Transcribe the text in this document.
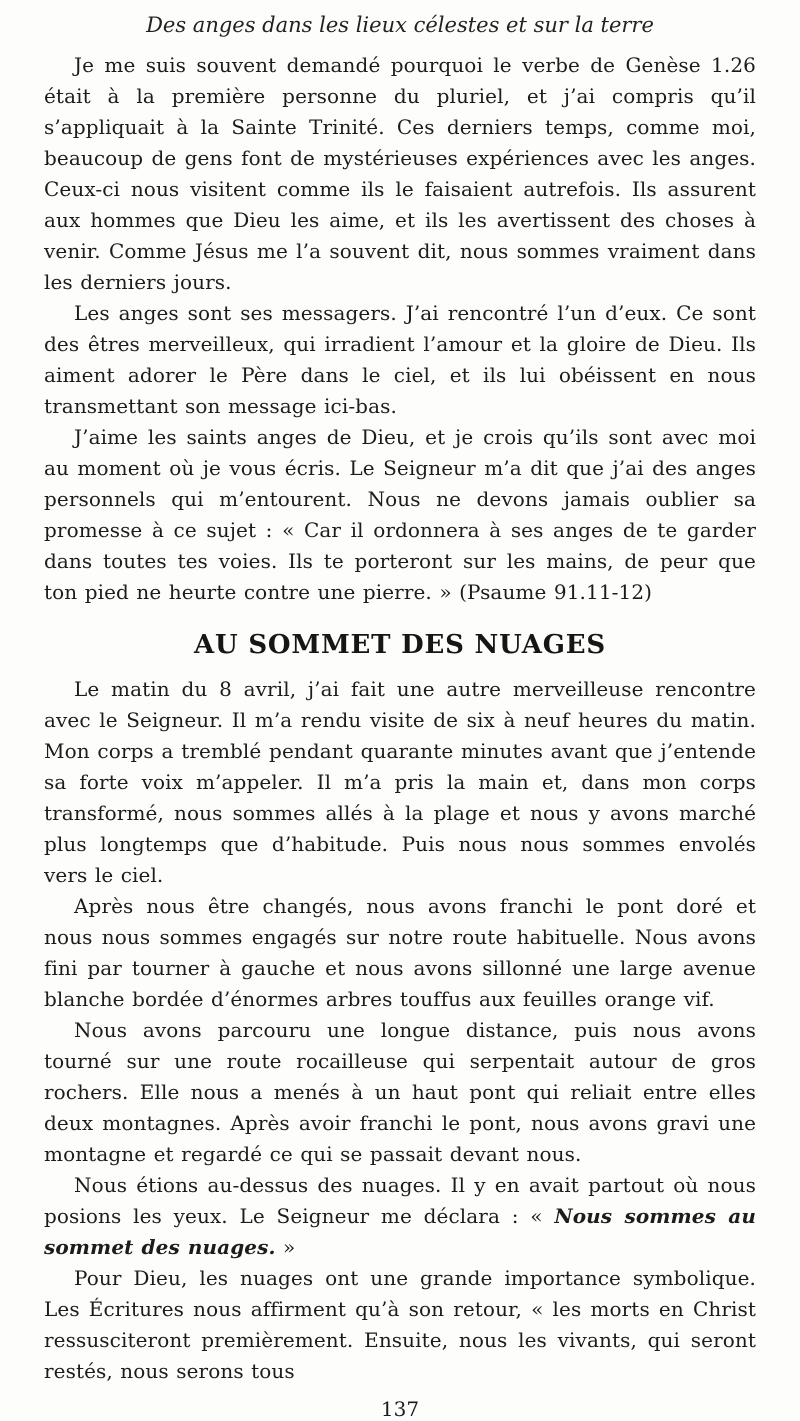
Des anges dans les lieux célestes et sur la terre

Je me suis souvent demandé pourquoi le verbe de Genèse 1.26 était à la première personne du pluriel, et j’ai compris qu’il s’appliquait à la Sainte Trinité. Ces derniers temps, comme moi, beaucoup de gens font de mystérieuses expériences avec les anges. Ceux-ci nous visitent comme ils le faisaient autrefois. Ils assurent aux hommes que Dieu les aime, et ils les avertissent des choses à venir. Comme Jésus me l’a souvent dit, nous sommes vraiment dans les derniers jours.

Les anges sont ses messagers. J’ai rencontré l’un d’eux. Ce sont des êtres merveilleux, qui irradient l’amour et la gloire de Dieu. Ils aiment adorer le Père dans le ciel, et ils lui obéissent en nous transmettant son message ici-bas.

J’aime les saints anges de Dieu, et je crois qu’ils sont avec moi au moment où je vous écris. Le Seigneur m’a dit que j’ai des anges personnels qui m’entourent. Nous ne devons jamais oublier sa promesse à ce sujet : « Car il ordonnera à ses anges de te garder dans toutes tes voies. Ils te porteront sur les mains, de peur que ton pied ne heurte contre une pierre. » (Psaume 91.11-12)

AU SOMMET DES NUAGES

Le matin du 8 avril, j’ai fait une autre merveilleuse rencontre avec le Seigneur. Il m’a rendu visite de six à neuf heures du matin. Mon corps a tremblé pendant quarante minutes avant que j’entende sa forte voix m’appeler. Il m’a pris la main et, dans mon corps transformé, nous sommes allés à la plage et nous y avons marché plus longtemps que d’habitude. Puis nous nous sommes envolés vers le ciel.

Après nous être changés, nous avons franchi le pont doré et nous nous sommes engagés sur notre route habituelle. Nous avons fini par tourner à gauche et nous avons sillonné une large avenue blanche bordée d’énormes arbres touffus aux feuilles orange vif.

Nous avons parcouru une longue distance, puis nous avons tourné sur une route rocailleuse qui serpentait autour de gros rochers. Elle nous a menés à un haut pont qui reliait entre elles deux montagnes. Après avoir franchi le pont, nous avons gravi une montagne et regardé ce qui se passait devant nous.

Nous étions au-dessus des nuages. Il y en avait partout où nous posions les yeux. Le Seigneur me déclara : « Nous sommes au sommet des nuages. »

Pour Dieu, les nuages ont une grande importance symbolique. Les Écritures nous affirment qu’à son retour, « les morts en Christ ressusciteront premièrement. Ensuite, nous les vivants, qui seront restés, nous serons tous

137
